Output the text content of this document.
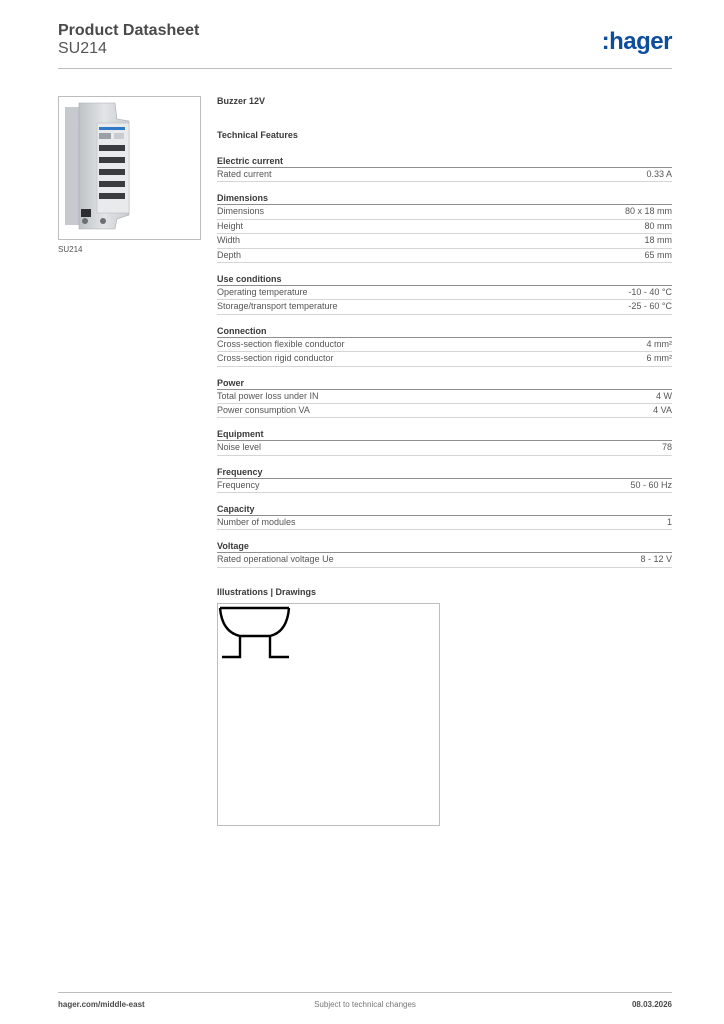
Product Datasheet
SU214	:hager
SU214
Buzzer 12V
Technical Features
Electric current
Rated current	0.33 A
Dimensions
Dimensions	80 x 18 mm
Height	80 mm
Width	18 mm
Depth	65 mm
Use conditions
Operating temperature	-10 - 40 °C
Storage/transport temperature	-25 - 60 °C
Connection
Cross-section flexible conductor	4 mm²
Cross-section rigid conductor	6 mm²
Power
Total power loss under IN	4 W
Power consumption VA	4 VA
Equipment
Noise level	78
Frequency
Frequency	50 - 60 Hz
Capacity
Number of modules	1
Voltage
Rated operational voltage Ue	8 - 12 V
Illustrations | Drawings
hager.com/middle-east	Subject to technical changes	08.03.2026
